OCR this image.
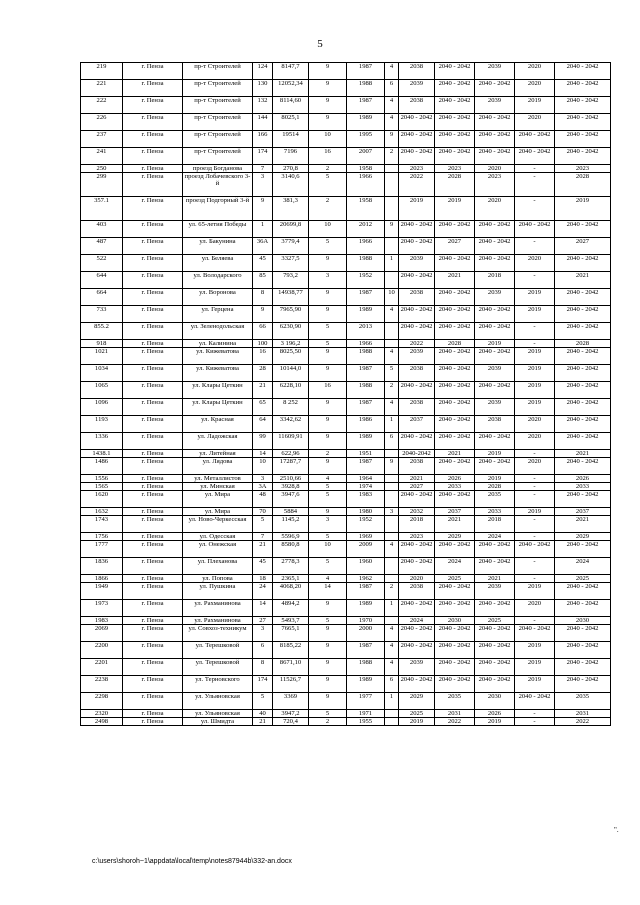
5
219	г. Пенза	пр-т Строителей	124	8147,7	9	1987	4	2038	2040 - 2042	2039	2020	2040 - 2042
221	г. Пенза	пр-т Строителей	130	12052,34	9	1988	6	2039	2040 - 2042	2040 - 2042	2020	2040 - 2042
222	г. Пенза	пр-т Строителей	132	8114,60	9	1987	4	2038	2040 - 2042	2039	2019	2040 - 2042
226	г. Пенза	пр-т Строителей	144	8025,1	9	1989	4	2040 - 2042	2040 - 2042	2040 - 2042	2020	2040 - 2042
237	г. Пенза	пр-т Строителей	166	19514	10	1995	9	2040 - 2042	2040 - 2042	2040 - 2042	2040 - 2042	2040 - 2042
241	г. Пенза	пр-т Строителей	174	7196	16	2007	2	2040 - 2042	2040 - 2042	2040 - 2042	2040 - 2042	2040 - 2042
250	г. Пенза	проезд Богданова	7	270,8	2	1958		2023	2023	2020	-	2023
299	г. Пенза	проезд Лобачевского 3-й	3	3140,6	5	1966		2022	2028	2023	-	2028
357.1	г. Пенза	проезд Подгорный 3-й	9	381,3	2	1958		2019	2019	2020	-	2019
403	г. Пенза	ул. 65-летия Победы	1	20699,8	10	2012	9	2040 - 2042	2040 - 2042	2040 - 2042	2040 - 2042	2040 - 2042
487	г. Пенза	ул. Бакунина	36А	3779,4	5	1966		2040 - 2042	2027	2040 - 2042	-	2027
522	г. Пенза	ул. Беляева	45	3327,5	9	1988	1	2039	2040 - 2042	2040 - 2042	2020	2040 - 2042
644	г. Пенза	ул. Володарского	85	793,2	3	1952		2040 - 2042	2021	2018	-	2021
664	г. Пенза	ул. Воронова	8	14938,77	9	1987	10	2038	2040 - 2042	2039	2019	2040 - 2042
733	г. Пенза	ул. Герцена	9	7965,90	9	1989	4	2040 - 2042	2040 - 2042	2040 - 2042	2019	2040 - 2042
855.2	г. Пенза	ул. Зеленодольская	66	6230,90	5	2013		2040 - 2042	2040 - 2042	2040 - 2042	-	2040 - 2042
918	г. Пенза	ул. Калинина	100	3 196,2	5	1966		2022	2028	2019	-	2028
1021	г. Пенза	ул. Кижеватова	16	8025,50	9	1988	4	2039	2040 - 2042	2040 - 2042	2019	2040 - 2042
1034	г. Пенза	ул. Кижеватова	28	10144,0	9	1987	5	2038	2040 - 2042	2039	2019	2040 - 2042
1065	г. Пенза	ул. Клары Цеткин	21	6228,10	16	1988	2	2040 - 2042	2040 - 2042	2040 - 2042	2019	2040 - 2042
1096	г. Пенза	ул. Клары Цеткин	65	8 252	9	1987	4	2038	2040 - 2042	2039	2019	2040 - 2042
1193	г. Пенза	ул. Красная	64	3342,62	9	1986	1	2037	2040 - 2042	2038	2020	2040 - 2042
1336	г. Пенза	ул. Ладожская	99	11609,91	9	1989	6	2040 - 2042	2040 - 2042	2040 - 2042	2020	2040 - 2042
1438.1	г. Пенза	ул. Литейная	14	622,96	2	1951		2040-2042	2021	2019	-	2021
1486	г. Пенза	ул. Лядова	10	17287,7	9	1987	9	2038	2040 - 2042	2040 - 2042	2020	2040 - 2042
1556	г. Пенза	ул. Металлистов	3	2510,66	4	1964		2021	2026	2019	-	2026
1565	г. Пенза	ул. Минская	3А	3928,8	5	1974		2027	2033	2028	-	2033
1620	г. Пенза	ул. Мира	48	3947,6	5	1983		2040 - 2042	2040 - 2042	2035	-	2040 - 2042
1632	г. Пенза	ул. Мира	70	5884	9	1980	3	2032	2037	2033	2019	2037
1743	г. Пенза	ул. Ново-Черкесская	5	1145,2	3	1952		2018	2021	2018	-	2021
1756	г. Пенза	ул. Одесская	7	5596,9	5	1969		2023	2029	2024	-	2029
1777	г. Пенза	ул. Онежская	21	8580,8	10	2009	4	2040 - 2042	2040 - 2042	2040 - 2042	2040 - 2042	2040 - 2042
1836	г. Пенза	ул. Плеханова	45	2778,3	5	1960		2040 - 2042	2024	2040 - 2042	-	2024
1866	г. Пенза	ул. Попова	18	2365,1	4	1962		2020	2025	2021	-	2025
1949	г. Пенза	ул. Пушкина	24	4068,20	14	1987	2	2038	2040 - 2042	2039	2019	2040 - 2042
1973	г. Пенза	ул. Рахманинова	14	4894,2	9	1989	1	2040 - 2042	2040 - 2042	2040 - 2042	2020	2040 - 2042
1983	г. Пенза	ул. Рахманинова	27	5493,7	5	1970		2024	2030	2025	-	2030
2069	г. Пенза	ул. Совхоз-техникум	3	7665,1	9	2000	4	2040 - 2042	2040 - 2042	2040 - 2042	2040 - 2042	2040 - 2042
2200	г. Пенза	ул. Терешковой	6	8185,22	9	1987	4	2040 - 2042	2040 - 2042	2040 - 2042	2019	2040 - 2042
2201	г. Пенза	ул. Терешковой	8	8671,10	9	1988	4	2039	2040 - 2042	2040 - 2042	2019	2040 - 2042
2238	г. Пенза	ул. Терновского	174	11526,7	9	1989	6	2040 - 2042	2040 - 2042	2040 - 2042	2019	2040 - 2042
2298	г. Пенза	ул. Ульяновская	5	3369	9	1977	1	2029	2035	2030	2040 - 2042	2035
2320	г. Пенза	ул. Ульяновская	40	3947,2	5	1971		2025	2031	2026	-	2031
2498	г. Пенза	ул. Шмидта	21	720,4	2	1955		2019	2022	2019	-	2022
".
c:\users\shoroh~1\appdata\local\temp\notes87944b\332-an.docx
